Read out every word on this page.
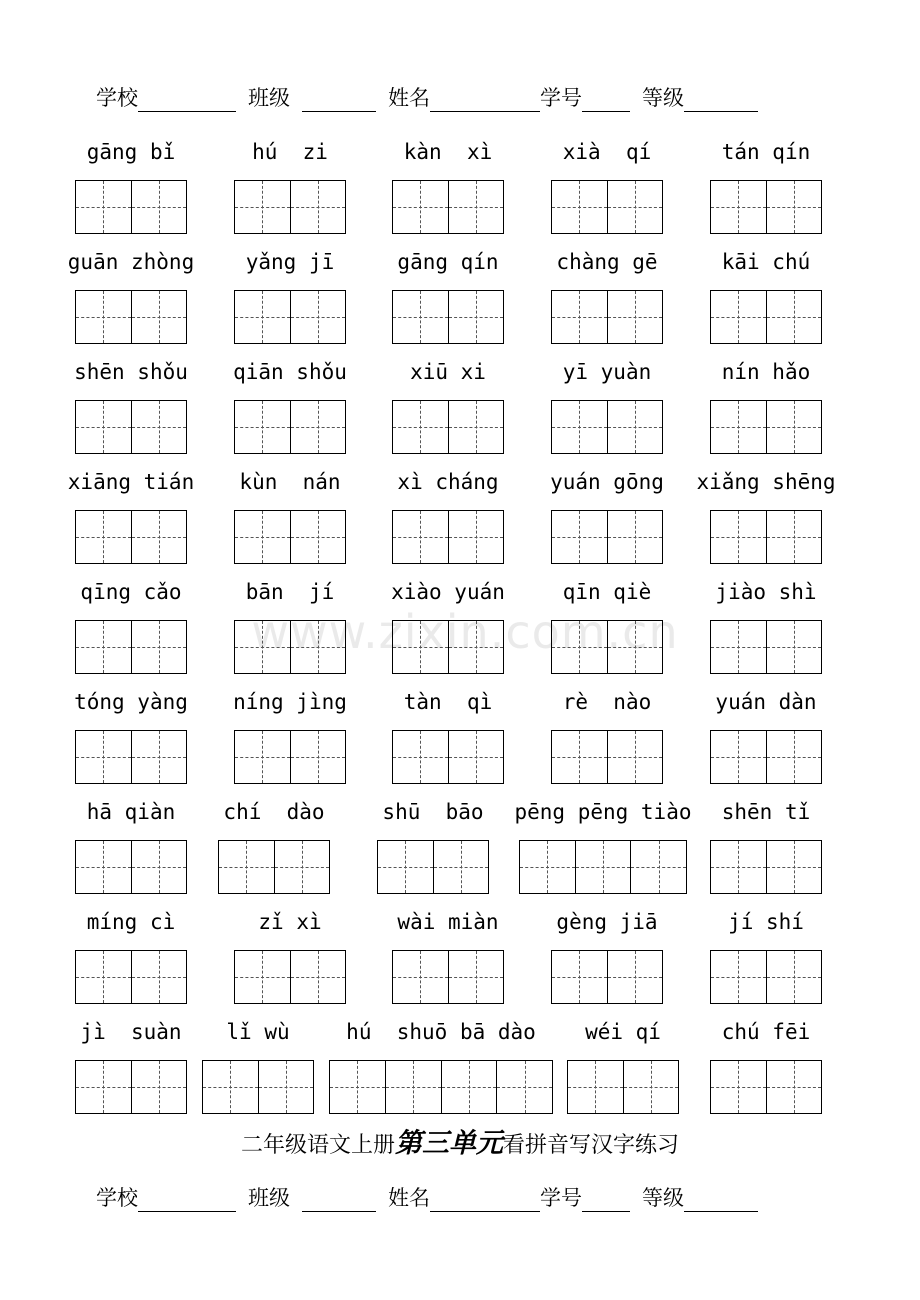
学校	班级	姓名	学号	等级
www.zixin.com.cn
gāng bǐ	hú  zi	kàn  xì	xià  qí	tán qín
guān zhòng	yǎng jī	gāng qín	chàng gē	kāi chú
shēn shǒu	qiān shǒu	xiū xi	yī yuàn	nín hǎo
xiāng tián	kùn  nán	xì cháng	yuán gōng	xiǎng shēng
qīng cǎo	bān  jí	xiào yuán	qīn qiè	jiào shì
tóng yàng	níng jìng	tàn  qì	rè  nào	yuán dàn
hā qiàn	chí  dào	shū  bāo	pēng pēng tiào	shēn tǐ
míng cì	zǐ xì	wài miàn	gèng jiā	jí shí
jì  suàn	lǐ wù	hú  shuō bā dào	wéi qí	chú fēi
二年级语文上册第三单元看拼音写汉字练习
学校	班级	姓名	学号	等级
